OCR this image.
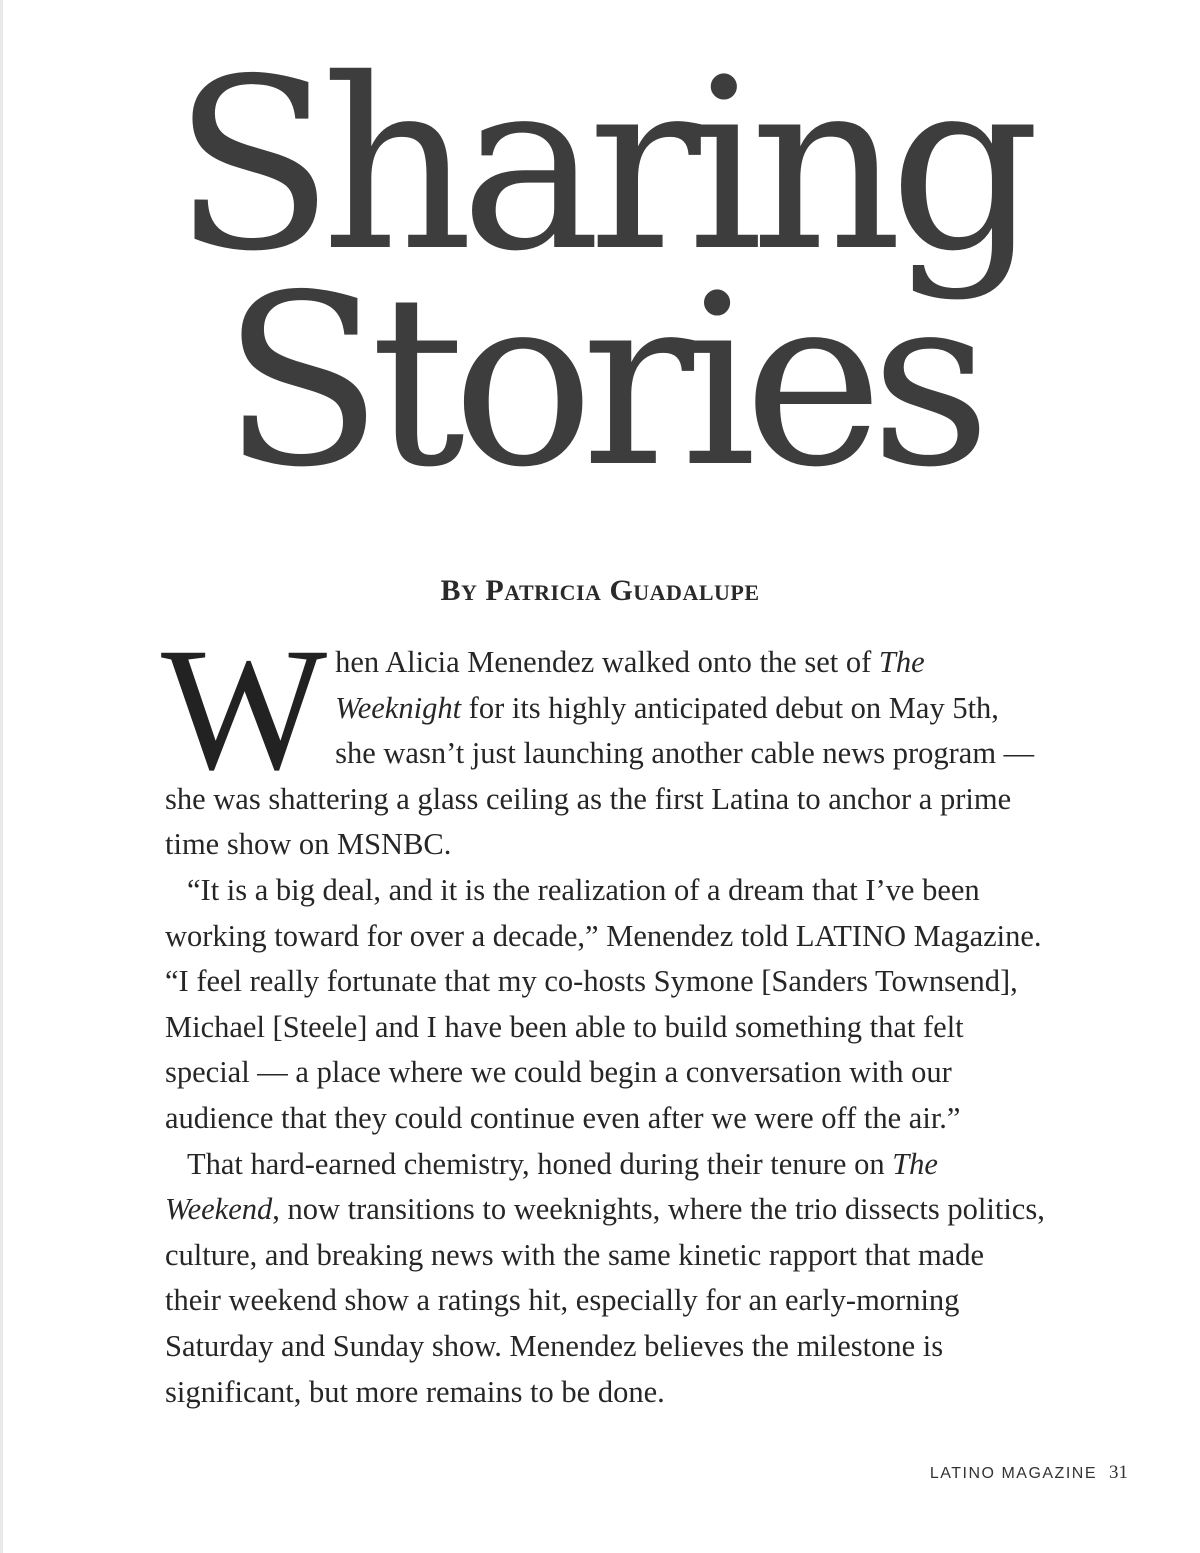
Sharing
Stories
BY PATRICIA GUADALUPE

When Alicia Menendez walked onto the set of The Weeknight for its highly anticipated debut on May 5th, she wasn’t just launching another cable news program — she was shattering a glass ceiling as the first Latina to anchor a prime time show on MSNBC.

“It is a big deal, and it is the realization of a dream that I’ve been working toward for over a decade,” Menendez told LATINO Magazine. “I feel really fortunate that my co-hosts Symone [Sanders Townsend], Michael [Steele] and I have been able to build something that felt special — a place where we could begin a conversation with our audience that they could continue even after we were off the air.”

That hard-earned chemistry, honed during their tenure on The Weekend, now transitions to weeknights, where the trio dissects politics, culture, and breaking news with the same kinetic rapport that made their weekend show a ratings hit, especially for an early-morning Saturday and Sunday show. Menendez believes the milestone is significant, but more remains to be done.

LATINO MAGAZINE 31
